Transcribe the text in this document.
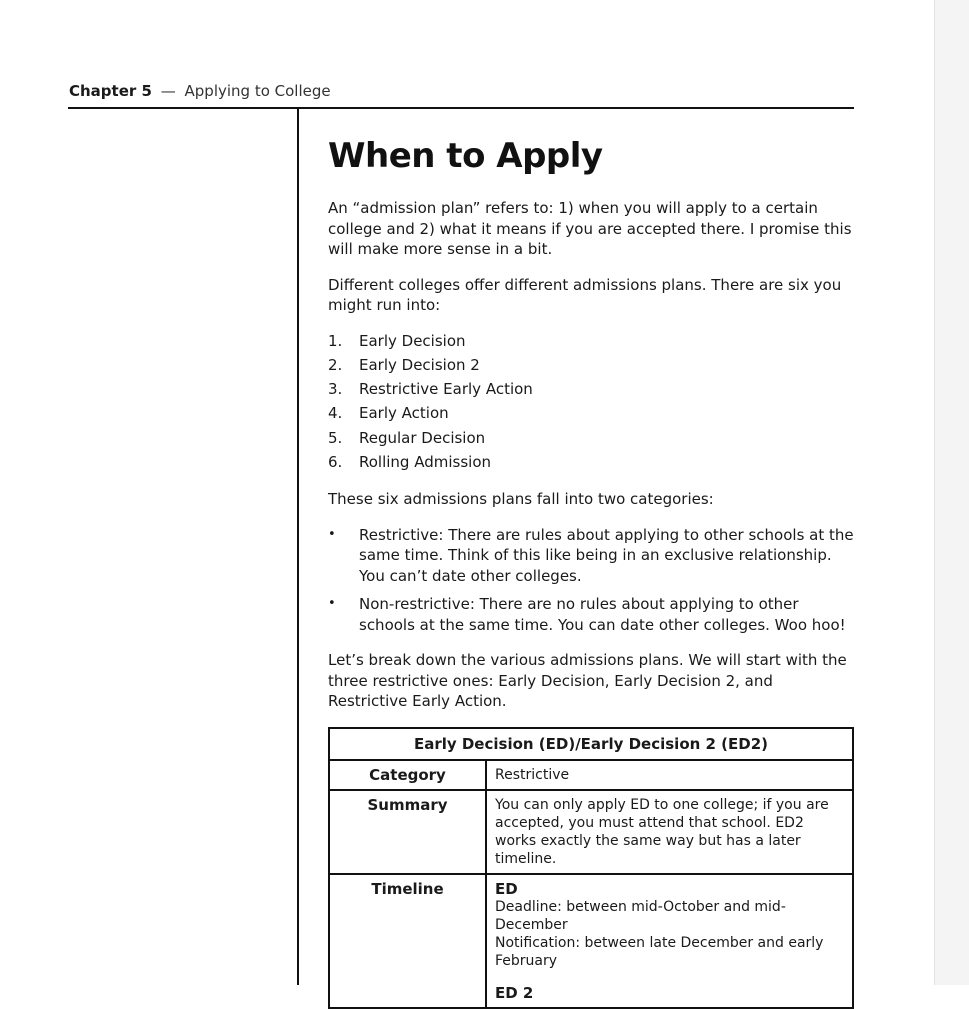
Chapter 5 — Applying to College
When to Apply

An “admission plan” refers to: 1) when you will apply to a certain college and 2) what it means if you are accepted there. I promise this will make more sense in a bit.

Different colleges offer different admissions plans. There are six you might run into:

1.	Early Decision
2.	Early Decision 2
3.	Restrictive Early Action
4.	Early Action
5.	Regular Decision
6.	Rolling Admission

These six admissions plans fall into two categories:

•	Restrictive: There are rules about applying to other schools at the same time. Think of this like being in an exclusive relationship. You can’t date other colleges.
•	Non-restrictive: There are no rules about applying to other schools at the same time. You can date other colleges. Woo hoo!

Let’s break down the various admissions plans. We will start with the three restrictive ones: Early Decision, Early Decision 2, and Restrictive Early Action.

Early Decision (ED)/Early Decision 2 (ED2)	
Category	Restrictive
Summary	You can only apply ED to one college; if you are accepted, you must attend that school. ED2 works exactly the same way but has a later timeline.
Timeline	ED
Deadline: between mid-October and mid-December
Notification: between late December and early February
ED 2
